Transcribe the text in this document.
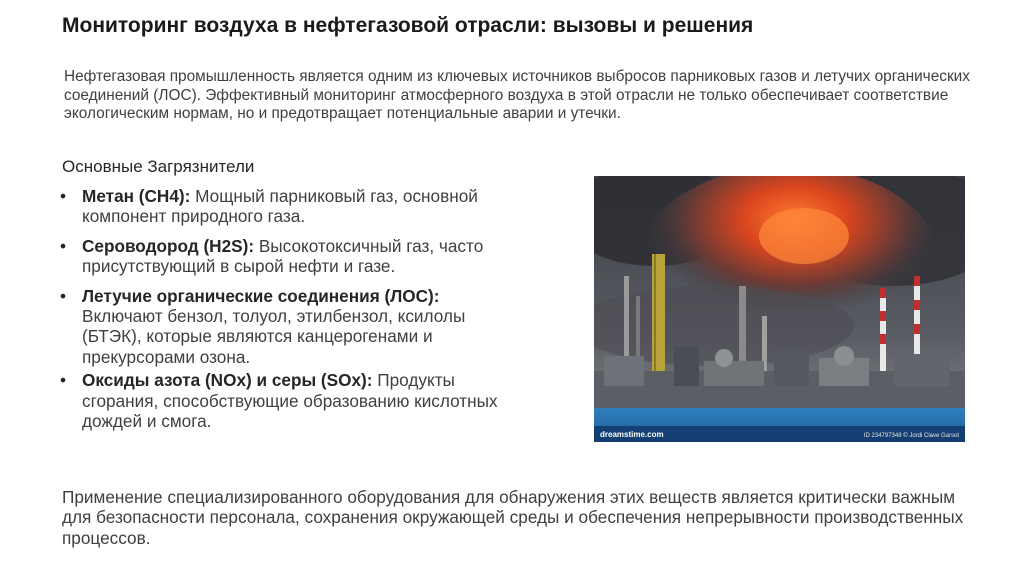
Мониторинг воздуха в нефтегазовой отрасли: вызовы и решения
Нефтегазовая промышленность является одним из ключевых источников выбросов парниковых газов и летучих органических соединений (ЛОС). Эффективный мониторинг атмосферного воздуха в этой отрасли не только обеспечивает соответствие экологическим нормам, но и предотвращает потенциальные аварии и утечки.
Основные Загрязнители
• Метан (CH4): Мощный парниковый газ, основной компонент природного газа.
• Сероводород (H2S): Высокотоксичный газ, часто присутствующий в сырой нефти и газе.
• Летучие органические соединения (ЛОС): Включают бензол, толуол, этилбензол, ксилолы (БТЭК), которые являются канцерогенами и прекурсорами озона.
• Оксиды азота (NOx) и серы (SOx): Продукты сгорания, способствующие образованию кислотных дождей и смога.
dreamstime.com	ID 234797348 © Jordi Clave Garsot
Применение специализированного оборудования для обнаружения этих веществ является критически важным для безопасности персонала, сохранения окружающей среды и обеспечения непрерывности производственных процессов.
